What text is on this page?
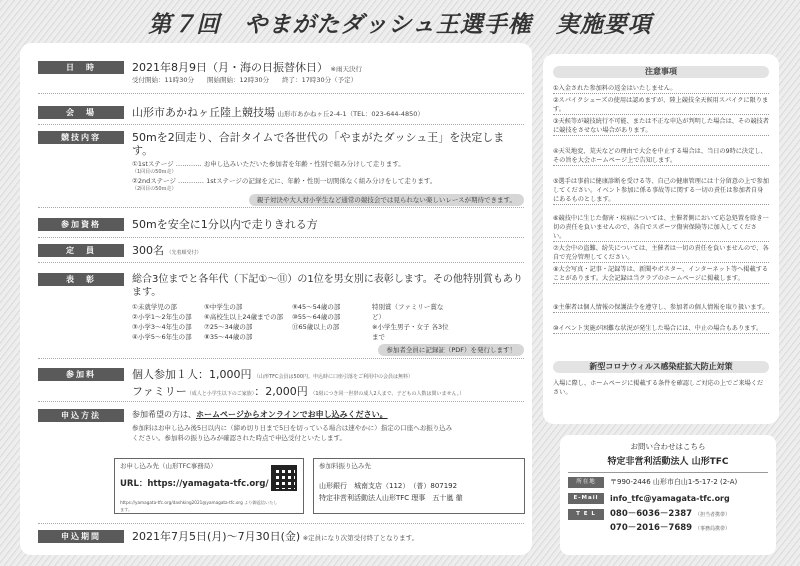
第７回　やまがたダッシュ王選手権　実施要項
日　時	2021年8月9日（月・海の日振替休日） ※雨天決行
受付開始：11時30分　　開始開始：12時30分　　終了：17時30分（予定）
会　場	山形市あかねヶ丘陸上競技場 山形市あかねヶ丘2-4-1（TEL：023-644-4850）
競技内容	50mを2回走り、合計タイムで各世代の「やまがたダッシュ王」を決定します。
①1stステージ ………… お申し込みいただいた参加者を年齢・性別で組み分けして走ります。
（1回目の50ｍ走）
②2ndステージ ………… 1stステージの記録を元に、年齢・性別一切関係なく組み分けをして走ります。
（2回目の50ｍ走）
親子対決や大人対小学生など通常の競技会では見られない楽しいレースが期待できます。
参加資格	50mを安全に1分以内で走りきれる方
定　員	300名 （先着順受付）
表　彰	総合3位までと各年代（下記①～⑪）の1位を男女別に表彰します。その他特別賞もあります。
①未就学児の部
②小学1～2年生の部
③小学3～4年生の部
④小学5～6年生の部
⑤中学生の部
⑥高校生以上24歳までの部
⑦25～34歳の部
⑧35～44歳の部
⑨45～54歳の部
⑩55～64歳の部
⑪65歳以上の部
特別賞（ファミリー賞など）
※小学生男子・女子 各3位まで
参加者全員に記録証（PDF）を発行します！
参加料	個人参加１人：1,000円 （山形TFC会員は500円。申込時に口座引落をご利用中の会員は無料）
ファミリー（成人と小学生以下のご家族）：2,000円 （1組につき同一世帯の成人2人まで、子どもの人数は問いません。）
申込方法	参加希望の方は、ホームページからオンラインでお申し込みください。
参加料はお申し込み後5日以内に（締め切り日まで5日を切っている場合は速やかに）指定の口座へお振り込み
ください。参加料の振り込みが確認された時点で申込受付といたします。
お申し込み先（山形TFC事務局）
URL：https://yamagata-tfc.org/
https://yamagata-tfc.org/dashking2021@yamagata-tfc.org より御返信いたします。
参加料振り込み先
山形銀行　城南支店（112）　（普）807192
特定非営利活動法人山形TFC 理事　五十嵐 徹
申込期間	2021年7月5日(月)～7月30日(金) ※定員になり次第受付終了となります。
注意事項
①入金された参加料の返金はいたしません。
②スパイクシューズの使用は認めますが、陸上競技全天候用スパイクに限ります。
③天候等が競技続行不可能、または不正な申込が判明した場合は、その競技者に競技をさせない場合があります。
④天災地変、荒天などの理由で大会を中止する場合は、当日の9時に決定し、その旨を大会ホームページ上で告知します。
⑤選手は事前に健康診断を受ける等、自己の健康管理には十分留意の上で参加してください。イベント参加に係る事故等に関する一切の責任は参加者自身にあるものとします。
⑥競技中に生じた傷害・疾病については、主催者側において応急処置を除き一切の責任を負いませんので、各自でスポーツ傷害保険等に加入してください。
⑦大会中の盗難、紛失については、主催者は一切の責任を負いませんので、各自で充分管理してください。
⑧大会写真・記事・記録等は、新聞やポスター、インターネット等へ掲載することがあります。大会記録は当クラブのホームページに掲載します。
⑨主催者は個人情報の保護法令を遵守し、参加者の個人情報を取り扱います。
⑩イベント実施が困難な状況が発生した場合には、中止の場合もあります。
新型コロナウィルス感染症拡大防止対策
入場に際し、ホームページに掲載する条件を確認しご対応の上でご来場ください。
お問い合わせはこちら
特定非営利活動法人 山形TFC
所在地 〒990-2446 山形市白山1-5-17-2 (2-A)
E-Mail info_tfc@yamagata-tfc.org
T E L 080－6036－2387 （担当者携帯）
070－2016－7689 （事務局携帯）
